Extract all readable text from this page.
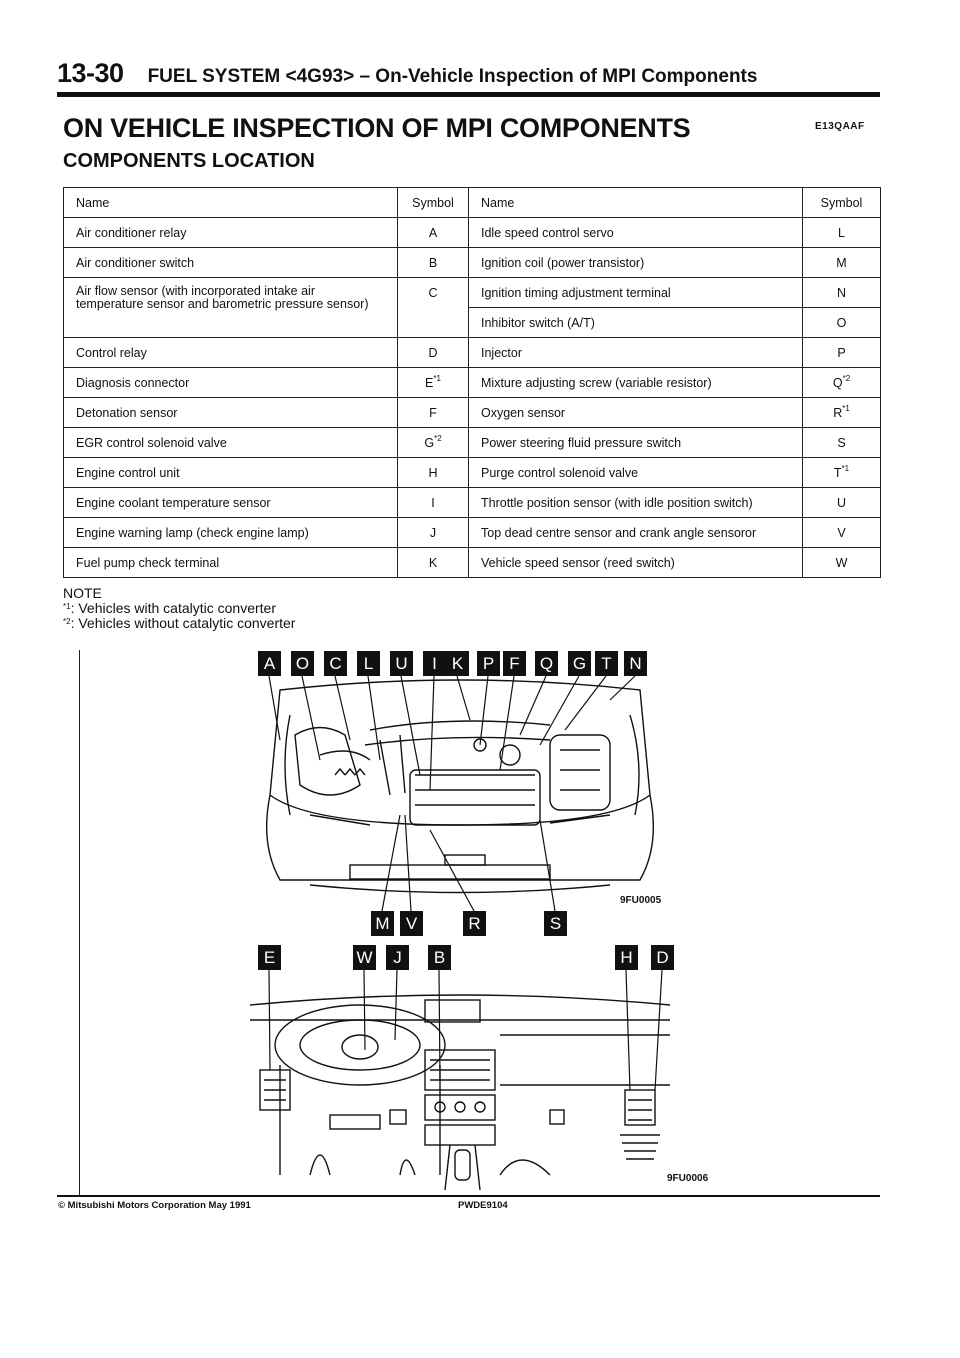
13-30 FUEL SYSTEM <4G93> – On-Vehicle Inspection of MPI Components
ON VEHICLE INSPECTION OF MPI COMPONENTS	E13QAAF
COMPONENTS LOCATION
Name	Symbol	Name	Symbol
Air conditioner relay	A	Idle speed control servo	L
Air conditioner switch	B	Ignition coil (power transistor)	M
Air flow sensor (with incorporated intake air temperature sensor and barometric pressure sensor)	C	Ignition timing adjustment terminal	N
		Inhibitor switch (A/T)	O
Control relay	D	Injector	P
Diagnosis connector	$E^{*1}$	Mixture adjusting screw (variable resistor)	$Q^{*2}$
Detonation sensor	F	Oxygen sensor	$R^{*1}$
EGR control solenoid valve	$G^{*2}$	Power steering fluid pressure switch	S
Engine control unit	H	Purge control solenoid valve	$T^{*1}$
Engine coolant temperature sensor	I	Throttle position sensor (with idle position switch)	U
Engine warning lamp (check engine lamp)	J	Top dead centre sensor and crank angle sensoror	V
Fuel pump check terminal	K	Vehicle speed sensor (reed switch)	W
NOTE
$^{*1}$: Vehicles with catalytic converter
$^{*2}$: Vehicles without catalytic converter
A	O	C	L	U	I K	P F	Q G T	N
M V	R	S
E	W	J	B	H	D
9FU0005
9FU0006
© Mitsubishi Motors Corporation May 1991	PWDE9104
